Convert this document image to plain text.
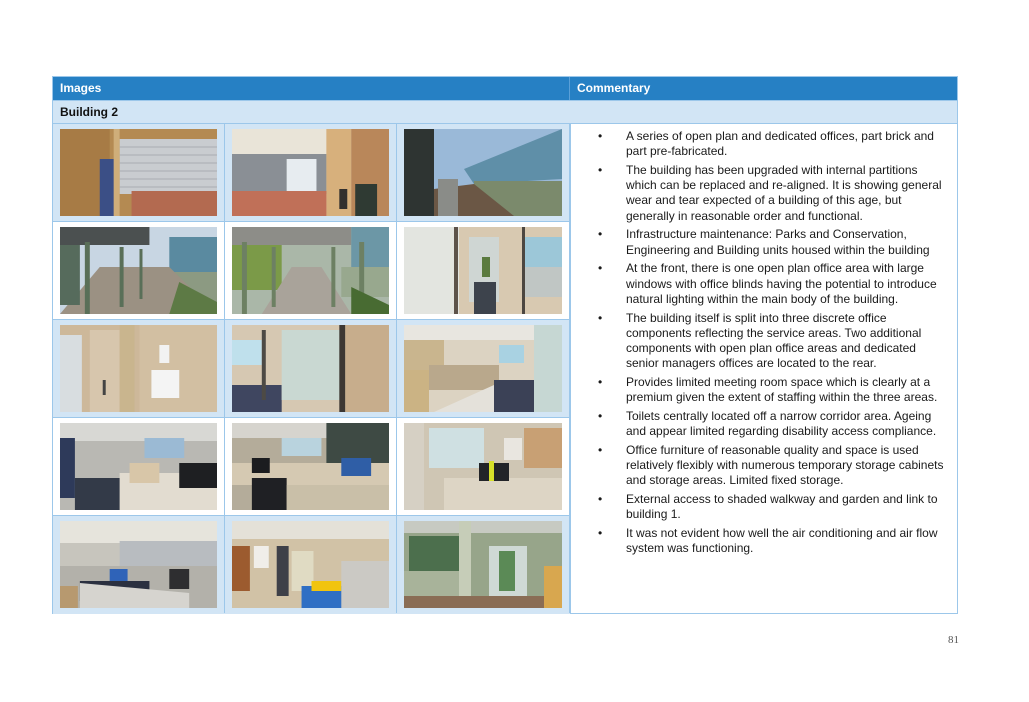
Images	Commentary
Building 2
• A series of open plan and dedicated offices, part brick and part pre-fabricated.
• The building has been upgraded with internal partitions which can be replaced and re-aligned. It is showing general wear and tear expected of a building of this age, but generally in reasonable order and functional.
• Infrastructure maintenance: Parks and Conservation, Engineering and Building units housed within the building
• At the front, there is one open plan office area with large windows with office blinds having the potential to introduce natural lighting within the main body of the building.
• The building itself is split into three discrete office components reflecting the service areas. Two additional components with open plan office areas and dedicated senior managers offices are located to the rear.
• Provides limited meeting room space which is clearly at a premium given the extent of staffing within the three areas.
• Toilets centrally located off a narrow corridor area. Ageing and appear limited regarding disability access compliance.
• Office furniture of reasonable quality and space is used relatively flexibly with numerous temporary storage cabinets and storage areas. Limited fixed storage.
• External access to shaded walkway and garden and link to building 1.
• It was not evident how well the air conditioning and air flow system was functioning.
81
